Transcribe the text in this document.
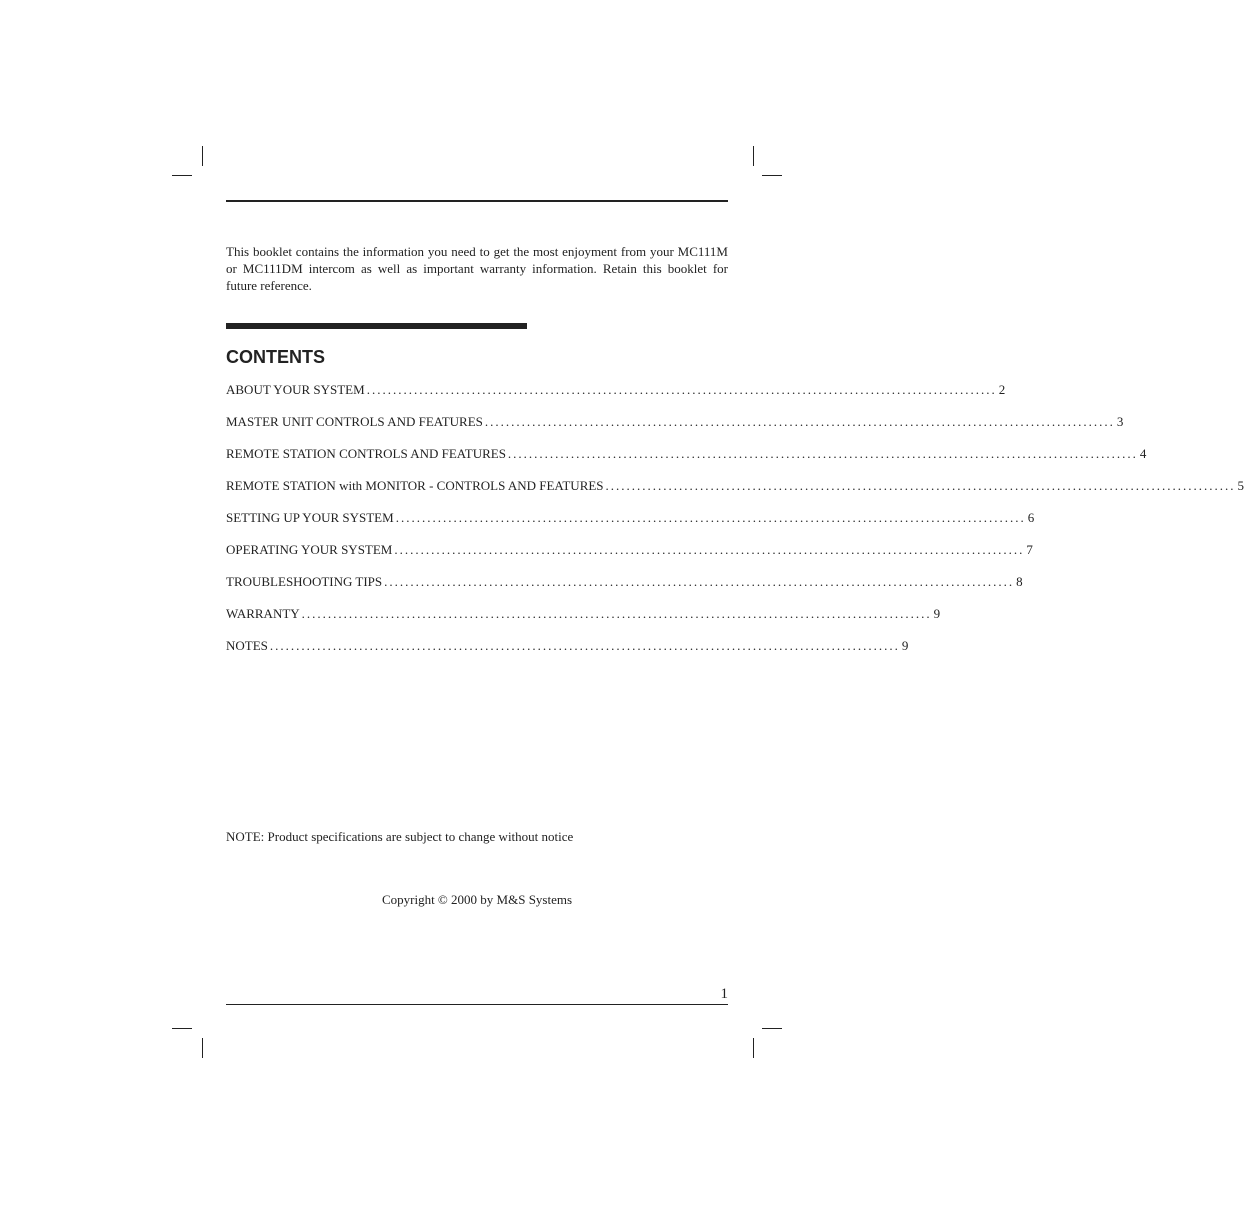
This booklet contains the information you need to get the most enjoyment from your MC111M or MC111DM intercom as well as important warranty information. Retain this booklet for future reference.

CONTENTS
ABOUT YOUR SYSTEM ........................................................................................................................ 2
MASTER UNIT CONTROLS AND FEATURES ........................................................................................................................ 3
REMOTE STATION CONTROLS AND FEATURES ........................................................................................................................ 4
REMOTE STATION with MONITOR - CONTROLS AND FEATURES ........................................................................................................................ 5
SETTING UP YOUR SYSTEM ........................................................................................................................ 6
OPERATING YOUR SYSTEM ........................................................................................................................ 7
TROUBLESHOOTING TIPS ........................................................................................................................ 8
WARRANTY ........................................................................................................................ 9
NOTES ........................................................................................................................ 9

NOTE: Product specifications are subject to change without notice

Copyright © 2000 by M&S Systems

1
